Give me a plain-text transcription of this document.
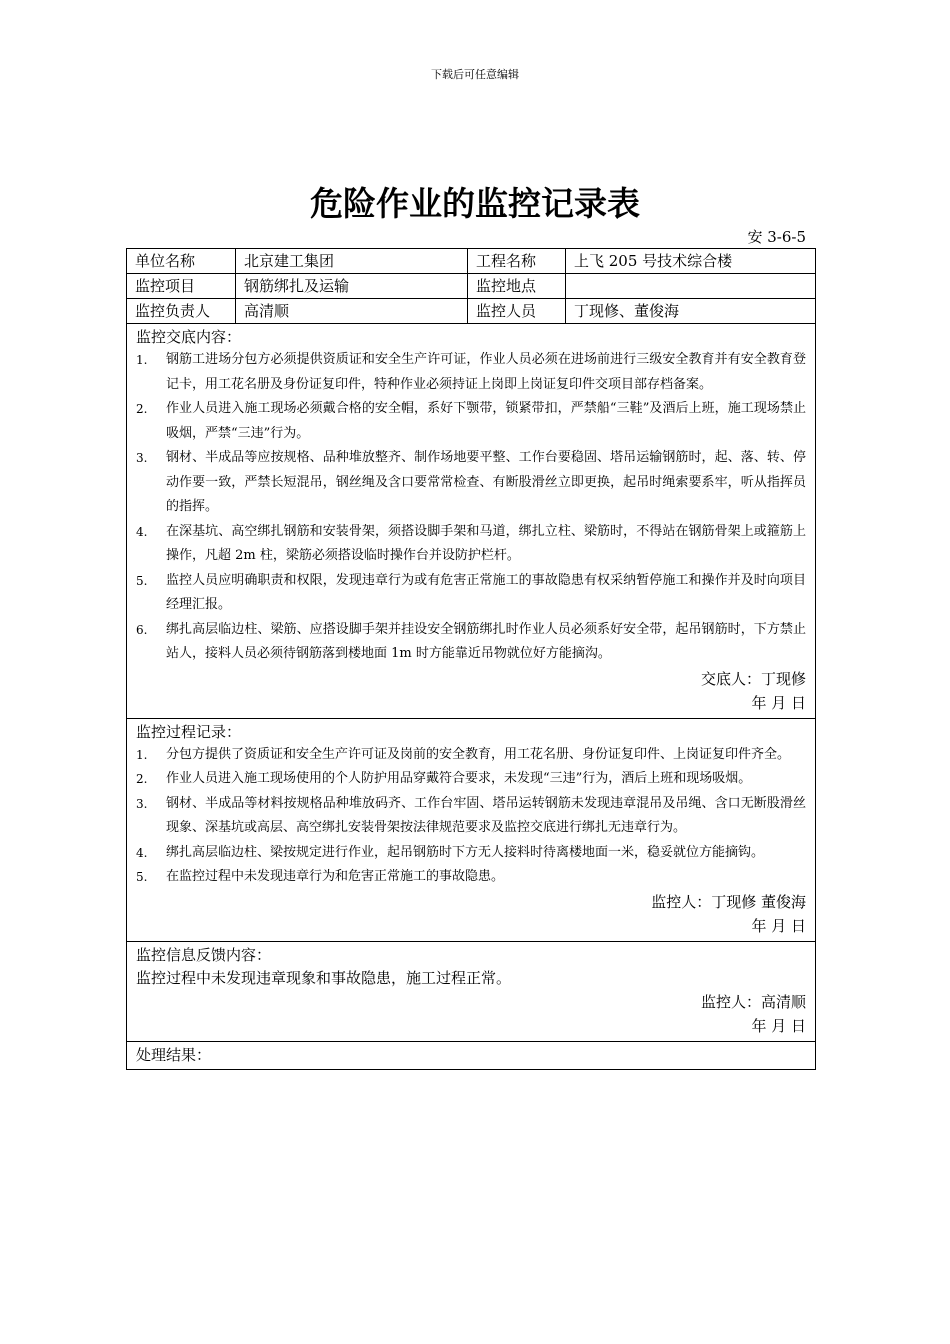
下载后可任意编辑
危险作业的监控记录表
安 3-6-5
单位名称	北京建工集团	工程名称	上飞 205 号技术综合楼
监控项目	钢筋绑扎及运输	监控地点
监控负责人	高清顺	监控人员	丁现修、董俊海
监控交底内容：
1.	钢筋工进场分包方必须提供资质证和安全生产许可证，作业人员必须在进场前进行三级安全教育并有安全教育登记卡，用工花名册及身份证复印件，特种作业必须持证上岗即上岗证复印件交项目部存档备案。
2.	作业人员进入施工现场必须戴合格的安全帽，系好下颚带，锁紧带扣，严禁船“三鞋”及酒后上班，施工现场禁止吸烟，严禁“三违”行为。
3.	钢材、半成品等应按规格、品种堆放整齐、制作场地要平整、工作台要稳固、塔吊运输钢筋时，起、落、转、停动作要一致，严禁长短混吊，钢丝绳及含口要常常检查、有断股滑丝立即更换，起吊时绳索要系牢，听从指挥员的指挥。
4.	在深基坑、高空绑扎钢筋和安装骨架，须搭设脚手架和马道，绑扎立柱、梁筋时，不得站在钢筋骨架上或箍筋上操作，凡超 2m 柱，梁筋必须搭设临时操作台并设防护栏杆。
5.	监控人员应明确职责和权限，发现违章行为或有危害正常施工的事故隐患有权采纳暂停施工和操作并及时向项目经理汇报。
6.	绑扎高层临边柱、梁筋、应搭设脚手架并挂设安全钢筋绑扎时作业人员必须系好安全带，起吊钢筋时，下方禁止站人，接料人员必须待钢筋落到楼地面 1m 时方能靠近吊物就位好方能摘沟。
交底人：丁现修
年 月 日
监控过程记录：
1.	分包方提供了资质证和安全生产许可证及岗前的安全教育，用工花名册、身份证复印件、上岗证复印件齐全。
2.	作业人员进入施工现场使用的个人防护用品穿戴符合要求，未发现“三违”行为，酒后上班和现场吸烟。
3.	钢材、半成品等材料按规格品种堆放码齐、工作台牢固、塔吊运转钢筋未发现违章混吊及吊绳、含口无断股滑丝现象、深基坑或高层、高空绑扎安装骨架按法律规范要求及监控交底进行绑扎无违章行为。
4.	绑扎高层临边柱、梁按规定进行作业，起吊钢筋时下方无人接料时待离楼地面一米，稳妥就位方能摘钩。
5.	在监控过程中未发现违章行为和危害正常施工的事故隐患。
监控人：丁现修 董俊海
年 月 日
监控信息反馈内容：
监控过程中未发现违章现象和事故隐患，施工过程正常。
监控人：高清顺
年 月 日
处理结果：
